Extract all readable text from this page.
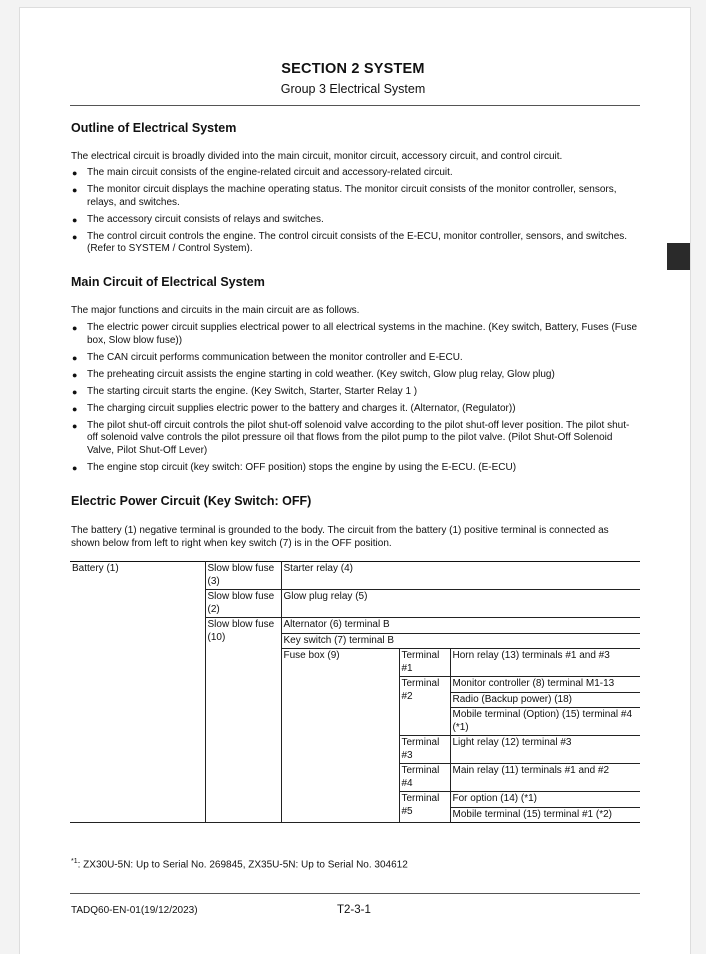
SECTION 2 SYSTEM
Group 3 Electrical System
Outline of Electrical System
The electrical circuit is broadly divided into the main circuit, monitor circuit, accessory circuit, and control circuit.
● The main circuit consists of the engine-related circuit and accessory-related circuit.
● The monitor circuit displays the machine operating status. The monitor circuit consists of the monitor controller, sensors, relays, and switches.
● The accessory circuit consists of relays and switches.
● The control circuit controls the engine. The control circuit consists of the E-ECU, monitor controller, sensors, and switches. (Refer to SYSTEM / Control System).
Main Circuit of Electrical System
The major functions and circuits in the main circuit are as follows.
● The electric power circuit supplies electrical power to all electrical systems in the machine. (Key switch, Battery, Fuses (Fuse box, Slow blow fuse))
● The CAN circuit performs communication between the monitor controller and E-ECU.
● The preheating circuit assists the engine starting in cold weather. (Key switch, Glow plug relay, Glow plug)
● The starting circuit starts the engine. (Key Switch, Starter, Starter Relay 1 )
● The charging circuit supplies electric power to the battery and charges it. (Alternator, (Regulator))
● The pilot shut-off circuit controls the pilot shut-off solenoid valve according to the pilot shut-off lever position. The pilot shut-off solenoid valve controls the pilot pressure oil that flows from the pilot pump to the pilot valve. (Pilot Shut-Off Solenoid Valve, Pilot Shut-Off Lever)
● The engine stop circuit (key switch: OFF position) stops the engine by using the E-ECU. (E-ECU)
Electric Power Circuit (Key Switch: OFF)
The battery (1) negative terminal is grounded to the body. The circuit from the battery (1) positive terminal is connected as shown below from left to right when key switch (7) is in the OFF position.
Battery (1)	Slow blow fuse (3)	Starter relay (4)		
	Slow blow fuse (2)	Glow plug relay (5)		
	Slow blow fuse (10)	Alternator (6) terminal B		
		Key switch (7) terminal B		
		Fuse box (9)	Terminal #1	Horn relay (13) terminals #1 and #3
			Terminal #2	Monitor controller (8) terminal M1-13
				Radio (Backup power) (18)
				Mobile terminal (Option) (15) terminal #4 (*1)
			Terminal #3	Light relay (12) terminal #3
			Terminal #4	Main relay (11) terminals #1 and #2
			Terminal #5	For option (14) (*1)
				Mobile terminal (15) terminal #1 (*2)
$^{*1}$: ZX30U-5N: Up to Serial No. 269845, ZX35U-5N: Up to Serial No. 304612
TADQ60-EN-01(19/12/2023)	T2-3-1
